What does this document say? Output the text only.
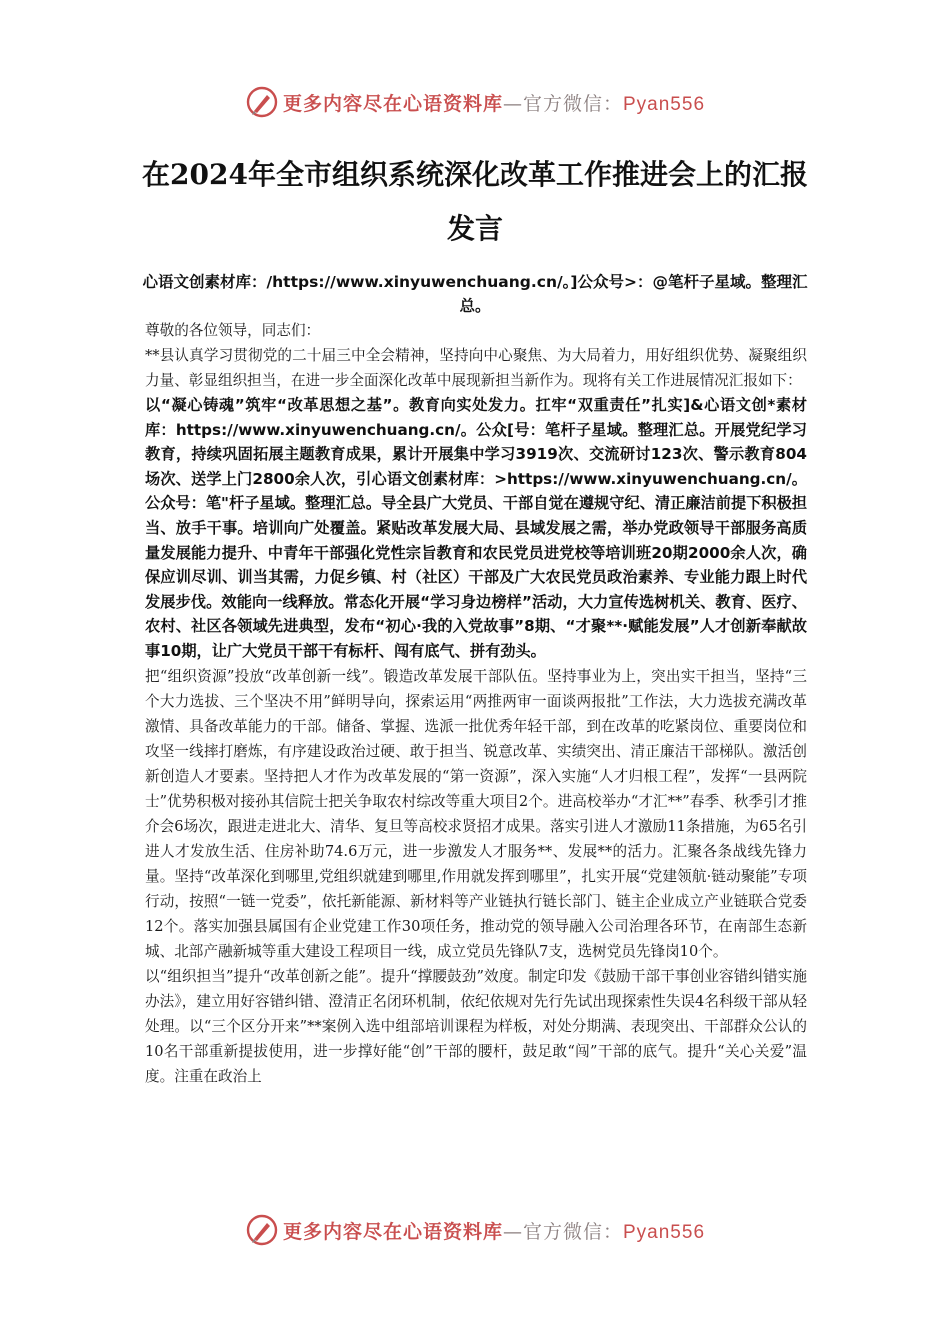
更多内容尽在心语资料库—官方微信：Pyan556
在2024年全市组织系统深化改革工作推进会上的汇报发言
心语文创素材库：/https://www.xinyuwenchuang.cn/。]公众号>：@笔杆子星域。整理汇总。

尊敬的各位领导，同志们：

**县认真学习贯彻党的二十届三中全会精神，坚持向中心聚焦、为大局着力，用好组织优势、凝聚组织力量、彰显组织担当，在进一步全面深化改革中展现新担当新作为。现将有关工作进展情况汇报如下：

以“凝心铸魂”筑牢“改革思想之基”。教育向实处发力。扛牢“双重责任”扎实]&心语文创*素材库：https://www.xinyuwenchuang.cn/。公众[号：笔杆子星域。整理汇总。开展党纪学习教育，持续巩固拓展主题教育成果，累计开展集中学习3919次、交流研讨123次、警示教育804场次、送学上门2800余人次，引心语文创素材库：>https://www.xinyuwenchuang.cn/。公众号：笔"杆子星域。整理汇总。导全县广大党员、干部自觉在遵规守纪、清正廉洁前提下积极担当、放手干事。培训向广处覆盖。紧贴改革发展大局、县域发展之需，举办党政领导干部服务高质量发展能力提升、中青年干部强化党性宗旨教育和农民党员进党校等培训班20期2000余人次，确保应训尽训、训当其需，力促乡镇、村（社区）干部及广大农民党员政治素养、专业能力跟上时代发展步伐。效能向一线释放。常态化开展“学习身边榜样”活动，大力宣传选树机关、教育、医疗、农村、社区各领域先进典型，发布“初心·我的入党故事”8期、“才聚**·赋能发展”人才创新奉献故事10期，让广大党员干部干有标杆、闯有底气、拼有劲头。

把“组织资源”投放“改革创新一线”。锻造改革发展干部队伍。坚持事业为上，突出实干担当，坚持“三个大力选拔、三个坚决不用”鲜明导向，探索运用“两推两审一面谈两报批”工作法，大力选拔充满改革激情、具备改革能力的干部。储备、掌握、选派一批优秀年轻干部，到在改革的吃紧岗位、重要岗位和攻坚一线摔打磨炼，有序建设政治过硬、敢于担当、锐意改革、实绩突出、清正廉洁干部梯队。激活创新创造人才要素。坚持把人才作为改革发展的“第一资源”，深入实施“人才归根工程”，发挥“一县两院士”优势积极对接孙其信院士把关争取农村综改等重大项目2个。进高校举办“才汇**”春季、秋季引才推介会6场次，跟进走进北大、清华、复旦等高校求贤招才成果。落实引进人才激励11条措施，为65名引进人才发放生活、住房补助74.6万元，进一步激发人才服务**、发展**的活力。汇聚各条战线先锋力量。坚持“改革深化到哪里,党组织就建到哪里,作用就发挥到哪里”，扎实开展“党建领航·链动聚能”专项行动，按照“一链一党委”，依托新能源、新材料等产业链执行链长部门、链主企业成立产业链联合党委12个。落实加强县属国有企业党建工作30项任务，推动党的领导融入公司治理各环节，在南部生态新城、北部产融新城等重大建设工程项目一线，成立党员先锋队7支，选树党员先锋岗10个。

以“组织担当”提升“改革创新之能”。提升“撑腰鼓劲”效度。制定印发《鼓励干部干事创业容错纠错实施办法》，建立用好容错纠错、澄清正名闭环机制，依纪依规对先行先试出现探索性失误4名科级干部从轻处理。以“三个区分开来”**案例入选中组部培训课程为样板，对处分期满、表现突出、干部群众公认的10名干部重新提拔使用，进一步撑好能“创”干部的腰杆，鼓足敢“闯”干部的底气。提升“关心关爱”温度。注重在政治上

更多内容尽在心语资料库—官方微信：Pyan556
